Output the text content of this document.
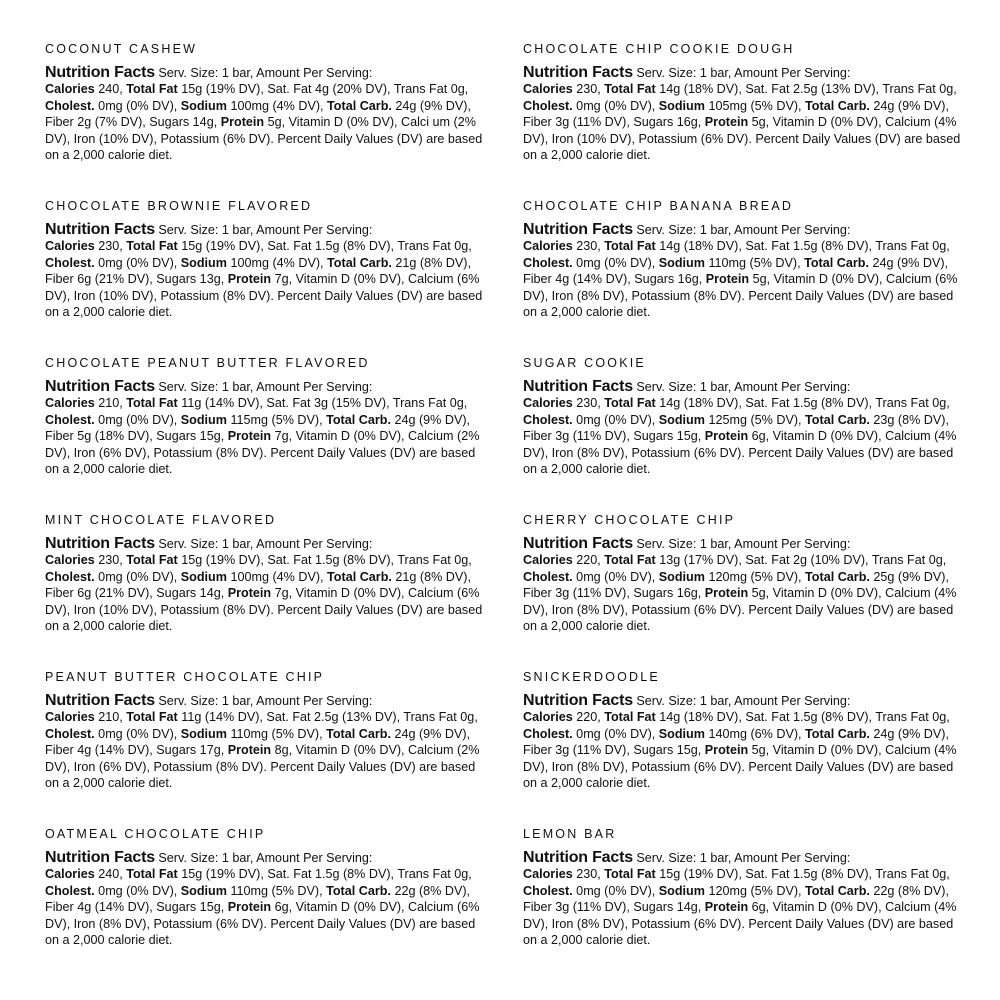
COCONUT CASHEW

Nutrition Facts Serv. Size: 1 bar, Amount Per Serving:
Calories 240, Total Fat 15g (19% DV), Sat. Fat 4g (20% DV), Trans Fat 0g, Cholest. 0mg (0% DV), Sodium 100mg (4% DV), Total Carb. 24g (9% DV), Fiber 2g (7% DV), Sugars 14g, Protein 5g, Vitamin D (0% DV), Calci um (2% DV), Iron (10% DV), Potassium (6% DV). Percent Daily Values (DV) are based on a 2,000 calorie diet.

CHOCOLATE BROWNIE FLAVORED

Nutrition Facts Serv. Size: 1 bar, Amount Per Serving:
Calories 230, Total Fat 15g (19% DV), Sat. Fat 1.5g (8% DV), Trans Fat 0g, Cholest. 0mg (0% DV), Sodium 100mg (4% DV), Total Carb. 21g (8% DV), Fiber 6g (21% DV), Sugars 13g, Protein 7g, Vitamin D (0% DV), Calcium (6% DV), Iron (10% DV), Potassium (8% DV). Percent Daily Values (DV) are based on a 2,000 calorie diet.

CHOCOLATE PEANUT BUTTER FLAVORED

Nutrition Facts Serv. Size: 1 bar, Amount Per Serving:
Calories 210, Total Fat 11g (14% DV), Sat. Fat 3g (15% DV), Trans Fat 0g, Cholest. 0mg (0% DV), Sodium 115mg (5% DV), Total Carb. 24g (9% DV), Fiber 5g (18% DV), Sugars 15g, Protein 7g, Vitamin D (0% DV), Calcium (2% DV), Iron (6% DV), Potassium (8% DV). Percent Daily Values (DV) are based on a 2,000 calorie diet.

MINT CHOCOLATE FLAVORED

Nutrition Facts Serv. Size: 1 bar, Amount Per Serving:
Calories 230, Total Fat 15g (19% DV), Sat. Fat 1.5g (8% DV), Trans Fat 0g, Cholest. 0mg (0% DV), Sodium 100mg (4% DV), Total Carb. 21g (8% DV), Fiber 6g (21% DV), Sugars 14g, Protein 7g, Vitamin D (0% DV), Calcium (6% DV), Iron (10% DV), Potassium (8% DV). Percent Daily Values (DV) are based on a 2,000 calorie diet.

PEANUT BUTTER CHOCOLATE CHIP

Nutrition Facts Serv. Size: 1 bar, Amount Per Serving:
Calories 210, Total Fat 11g (14% DV), Sat. Fat 2.5g (13% DV), Trans Fat 0g, Cholest. 0mg (0% DV), Sodium 110mg (5% DV), Total Carb. 24g (9% DV), Fiber 4g (14% DV), Sugars 17g, Protein 8g, Vitamin D (0% DV), Calcium (2% DV), Iron (6% DV), Potassium (8% DV). Percent Daily Values (DV) are based on a 2,000 calorie diet.

OATMEAL CHOCOLATE CHIP

Nutrition Facts Serv. Size: 1 bar, Amount Per Serving:
Calories 240, Total Fat 15g (19% DV), Sat. Fat 1.5g (8% DV), Trans Fat 0g, Cholest. 0mg (0% DV), Sodium 110mg (5% DV), Total Carb. 22g (8% DV), Fiber 4g (14% DV), Sugars 15g, Protein 6g, Vitamin D (0% DV), Calcium (6% DV), Iron (8% DV), Potassium (6% DV). Percent Daily Values (DV) are based on a 2,000 calorie diet.

CHOCOLATE CHIP COOKIE DOUGH

Nutrition Facts Serv. Size: 1 bar, Amount Per Serving:
Calories 230, Total Fat 14g (18% DV), Sat. Fat 2.5g (13% DV), Trans Fat 0g, Cholest. 0mg (0% DV), Sodium 105mg (5% DV), Total Carb. 24g (9% DV), Fiber 3g (11% DV), Sugars 16g, Protein 5g, Vitamin D (0% DV), Calcium (4% DV), Iron (10% DV), Potassium (6% DV). Percent Daily Values (DV) are based on a 2,000 calorie diet.

CHOCOLATE CHIP BANANA BREAD

Nutrition Facts Serv. Size: 1 bar, Amount Per Serving:
Calories 230, Total Fat 14g (18% DV), Sat. Fat 1.5g (8% DV), Trans Fat 0g, Cholest. 0mg (0% DV), Sodium 110mg (5% DV), Total Carb. 24g (9% DV), Fiber 4g (14% DV), Sugars 16g, Protein 5g, Vitamin D (0% DV), Calcium (6% DV), Iron (8% DV), Potassium (8% DV). Percent Daily Values (DV) are based on a 2,000 calorie diet.

SUGAR COOKIE

Nutrition Facts Serv. Size: 1 bar, Amount Per Serving:
Calories 230, Total Fat 14g (18% DV), Sat. Fat 1.5g (8% DV), Trans Fat 0g, Cholest. 0mg (0% DV), Sodium 125mg (5% DV), Total Carb. 23g (8% DV), Fiber 3g (11% DV), Sugars 15g, Protein 6g, Vitamin D (0% DV), Calcium (4% DV), Iron (8% DV), Potassium (6% DV). Percent Daily Values (DV) are based on a 2,000 calorie diet.

CHERRY CHOCOLATE CHIP

Nutrition Facts Serv. Size: 1 bar, Amount Per Serving:
Calories 220, Total Fat 13g (17% DV), Sat. Fat 2g (10% DV), Trans Fat 0g, Cholest. 0mg (0% DV), Sodium 120mg (5% DV), Total Carb. 25g (9% DV), Fiber 3g (11% DV), Sugars 16g, Protein 5g, Vitamin D (0% DV), Calcium (4% DV), Iron (8% DV), Potassium (6% DV). Percent Daily Values (DV) are based on a 2,000 calorie diet.

SNICKERDOODLE

Nutrition Facts Serv. Size: 1 bar, Amount Per Serving:
Calories 220, Total Fat 14g (18% DV), Sat. Fat 1.5g (8% DV), Trans Fat 0g, Cholest. 0mg (0% DV), Sodium 140mg (6% DV), Total Carb. 24g (9% DV), Fiber 3g (11% DV), Sugars 15g, Protein 5g, Vitamin D (0% DV), Calcium (4% DV), Iron (8% DV), Potassium (6% DV). Percent Daily Values (DV) are based on a 2,000 calorie diet.

LEMON BAR

Nutrition Facts Serv. Size: 1 bar, Amount Per Serving:
Calories 230, Total Fat 15g (19% DV), Sat. Fat 1.5g (8% DV), Trans Fat 0g, Cholest. 0mg (0% DV), Sodium 120mg (5% DV), Total Carb. 22g (8% DV), Fiber 3g (11% DV), Sugars 14g, Protein 6g, Vitamin D (0% DV), Calcium (4% DV), Iron (8% DV), Potassium (6% DV). Percent Daily Values (DV) are based on a 2,000 calorie diet.
